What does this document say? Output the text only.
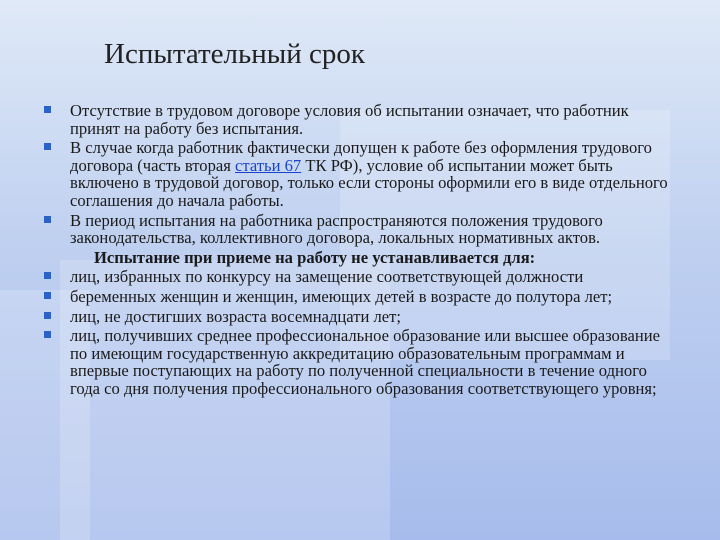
Испытательный срок
Отсутствие в трудовом договоре условия об испытании означает, что работник принят на работу без испытания.
В случае когда работник фактически допущен к работе без оформления трудового договора (часть вторая статьи 67 ТК РФ), условие об испытании может быть включено в трудовой договор, только если стороны оформили его в виде отдельного соглашения до начала работы.
В период испытания на работника распространяются положения трудового законодательства, коллективного договора, локальных нормативных актов.
Испытание при приеме на работу не устанавливается для:
лиц, избранных по конкурсу на замещение соответствующей должности
беременных женщин и женщин, имеющих детей в возрасте до полутора лет;
лиц, не достигших возраста восемнадцати лет;
лиц, получивших среднее профессиональное образование или высшее образование по имеющим государственную аккредитацию образовательным программам и впервые поступающих на работу по полученной специальности в течение одного года со дня получения профессионального образования соответствующего уровня;
